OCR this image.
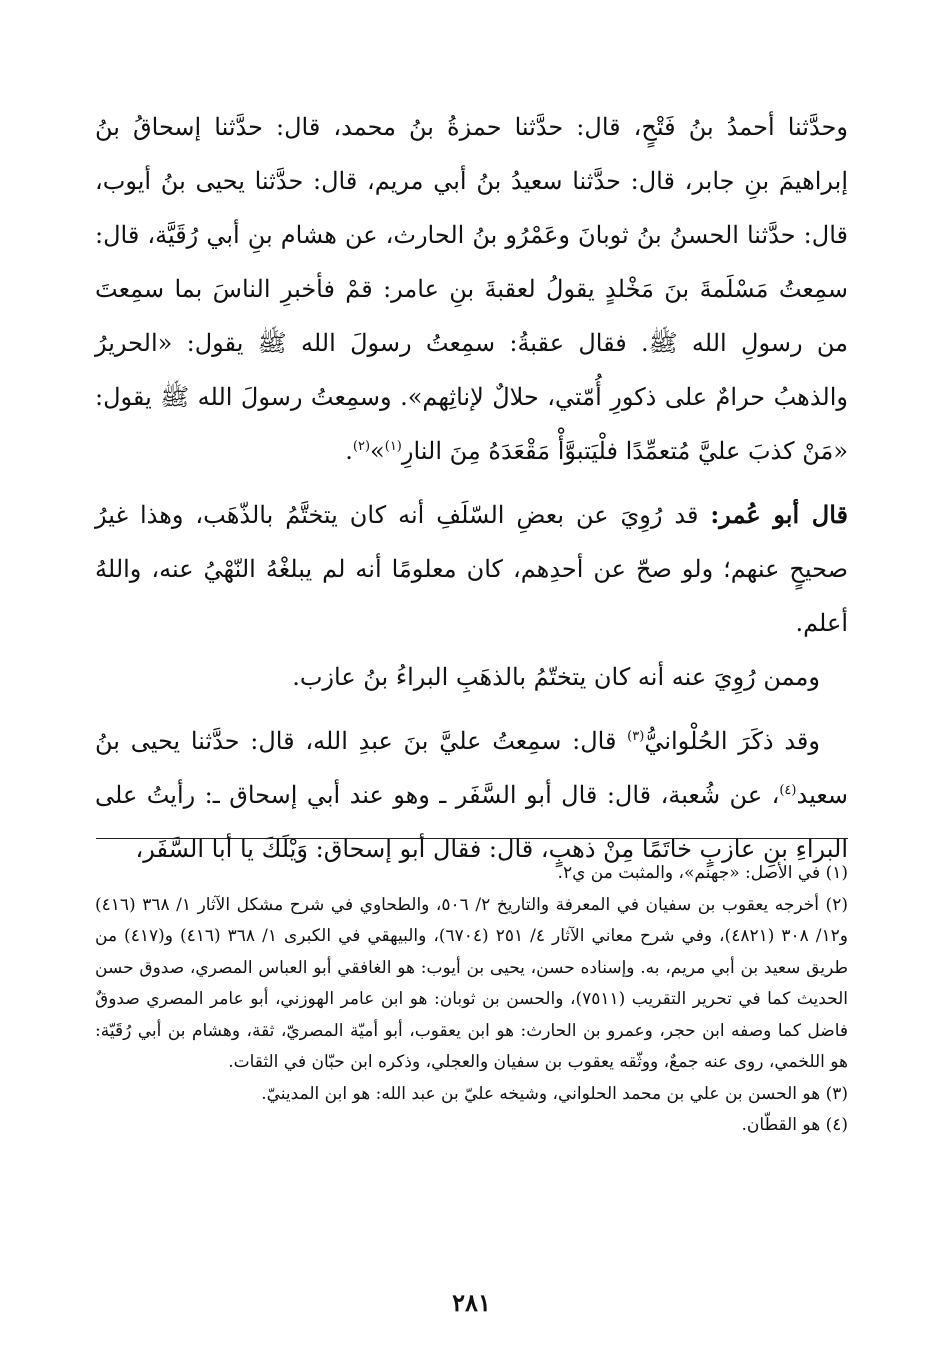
وحدَّثنا أحمدُ بنُ فَتْحٍ، قال: حدَّثنا حمزةُ بنُ محمد، قال: حدَّثنا إسحاقُ بنُ إبراهيمَ بنِ جابر، قال: حدَّثنا سعيدُ بنُ أبي مريم، قال: حدَّثنا يحيى بنُ أيوب، قال: حدَّثنا الحسنُ بنُ ثوبانَ وعَمْرُو بنُ الحارث، عن هشام بنِ أبي رُقَيَّة، قال: سمِعتُ مَسْلَمةَ بنَ مَخْلدٍ يقولُ لعقبةَ بنِ عامر: قمْ فأخبرِ الناسَ بما سمِعتَ من رسولِ الله ﷺ. فقال عقبةُ: سمِعتُ رسولَ الله ﷺ يقول: «الحريرُ والذهبُ حرامٌ على ذكورِ أُمّتي، حلالٌ لإناثِهم». وسمِعتُ رسولَ الله ﷺ يقول: «مَنْ كذبَ عليَّ مُتعمِّدًا فلْيَتبوَّأْ مَقْعَدَهُ مِنَ النارِ$^{(١)}$»$^{(٢)}$.

قال أبو عُمر: قد رُوِيَ عن بعضِ السّلَفِ أنه كان يتختَّمُ بالذّهَب، وهذا غيرُ صحيحٍ عنهم؛ ولو صحّ عن أحدِهم، كان معلومًا أنه لم يبلغْهُ النّهْيُ عنه، واللهُ أعلم.

وممن رُوِيَ عنه أنه كان يتختّمُ بالذهَبِ البراءُ بنُ عازب.

وقد ذكَرَ الحُلْوانيُّ$^{(٣)}$ قال: سمِعتُ عليَّ بنَ عبدِ الله، قال: حدَّثنا يحيى بنُ سعيد$^{(٤)}$، عن شُعبة، قال: قال أبو السَّفَر ـ وهو عند أبي إسحاق ـ: رأيتُ على البراءِ بنِ عازبٍ خاتَمًا مِنْ ذهبٍ، قال: فقال أبو إسحاق: وَيْلَكَ يا أبا السَّفَر،

(١) في الأصل: «جهنم»، والمثبت من ي٢.

(٢) أخرجه يعقوب بن سفيان في المعرفة والتاريخ ٢/ ٥٠٦، والطحاوي في شرح مشكل الآثار ١/ ٣٦٨ (٤١٦) و١٢/ ٣٠٨ (٤٨٢١)، وفي شرح معاني الآثار ٤/ ٢٥١ (٦٧٠٤)، والبيهقي في الكبرى ١/ ٣٦٨ (٤١٦) و(٤١٧) من طريق سعيد بن أبي مريم، به. وإسناده حسن، يحيى بن أيوب: هو الغافقي أبو العباس المصري، صدوق حسن الحديث كما في تحرير التقريب (٧٥١١)، والحسن بن ثوبان: هو ابن عامر الهوزني، أبو عامر المصري صدوقٌ فاضل كما وصفه ابن حجر، وعمرو بن الحارث: هو ابن يعقوب، أبو أميّة المصريّ، ثقة، وهشام بن أبي رُقَيّة: هو اللخمي، روى عنه جمعٌ، ووثّقه يعقوب بن سفيان والعجلي، وذكره ابن حبّان في الثقات.

(٣) هو الحسن بن علي بن محمد الحلواني، وشيخه عليّ بن عبد الله: هو ابن المدينيّ.

(٤) هو القطّان.

٢٨١
